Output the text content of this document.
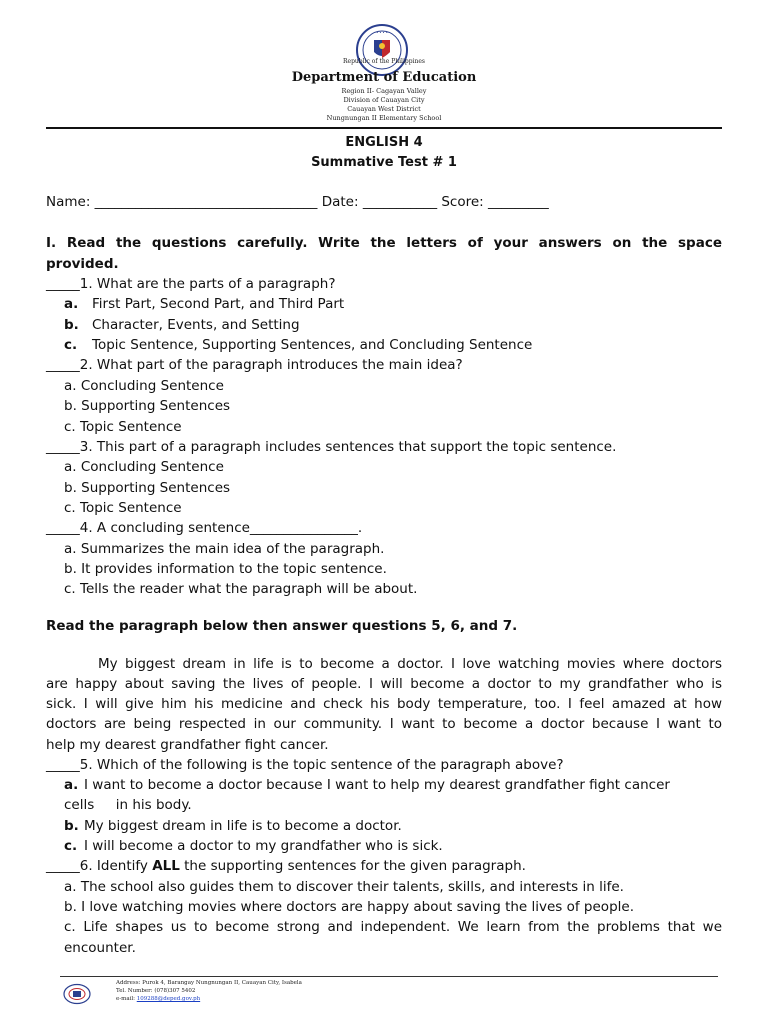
• • • •
Republic of the Philippines
Department of Education
Region II- Cagayan Valley
Division of Cauayan City
Cauayan West District
Nungnungan II Elementary School
ENGLISH 4
Summative Test # 1
Name: _________________________________ Date: ___________ Score: _________
I. Read the questions carefully. Write the letters of your answers on the space
provided.
_____1. What are the parts of a paragraph?
a. First Part, Second Part, and Third Part
b. Character, Events, and Setting
c. Topic Sentence, Supporting Sentences, and Concluding Sentence
_____2. What part of the paragraph introduces the main idea?
a. Concluding Sentence
b. Supporting Sentences
c. Topic Sentence
_____3. This part of a paragraph includes sentences that support the topic sentence.
a. Concluding Sentence
b. Supporting Sentences
c. Topic Sentence
_____4. A concluding sentence________________.
a. Summarizes the main idea of the paragraph.
b. It provides information to the topic sentence.
c. Tells the reader what the paragraph will be about.
Read the paragraph below then answer questions 5, 6, and 7.
My biggest dream in life is to become a doctor. I love watching movies where doctors
are happy about saving the lives of people. I will become a doctor to my grandfather who is
sick. I will give him his medicine and check his body temperature, too. I feel amazed at how
doctors are being respected in our community. I want to become a doctor because I want to
help my dearest grandfather fight cancer.
_____5. Which of the following is the topic sentence of the paragraph above?
a. I want to become a doctor because I want to help my dearest grandfather fight cancer
cells     in his body.
b. My biggest dream in life is to become a doctor.
c. I will become a doctor to my grandfather who is sick.
_____6. Identify ALL the supporting sentences for the given paragraph.
a. The school also guides them to discover their talents, skills, and interests in life.
b. I love watching movies where doctors are happy about saving the lives of people.
c. Life shapes us to become strong and independent. We learn from the problems that we
encounter.
Address: Purok 4, Barangay Nungnungan II, Cauayan City, Isabela
Tel. Number: (078)307 5402
e-mail: 109288@deped.gov.ph
